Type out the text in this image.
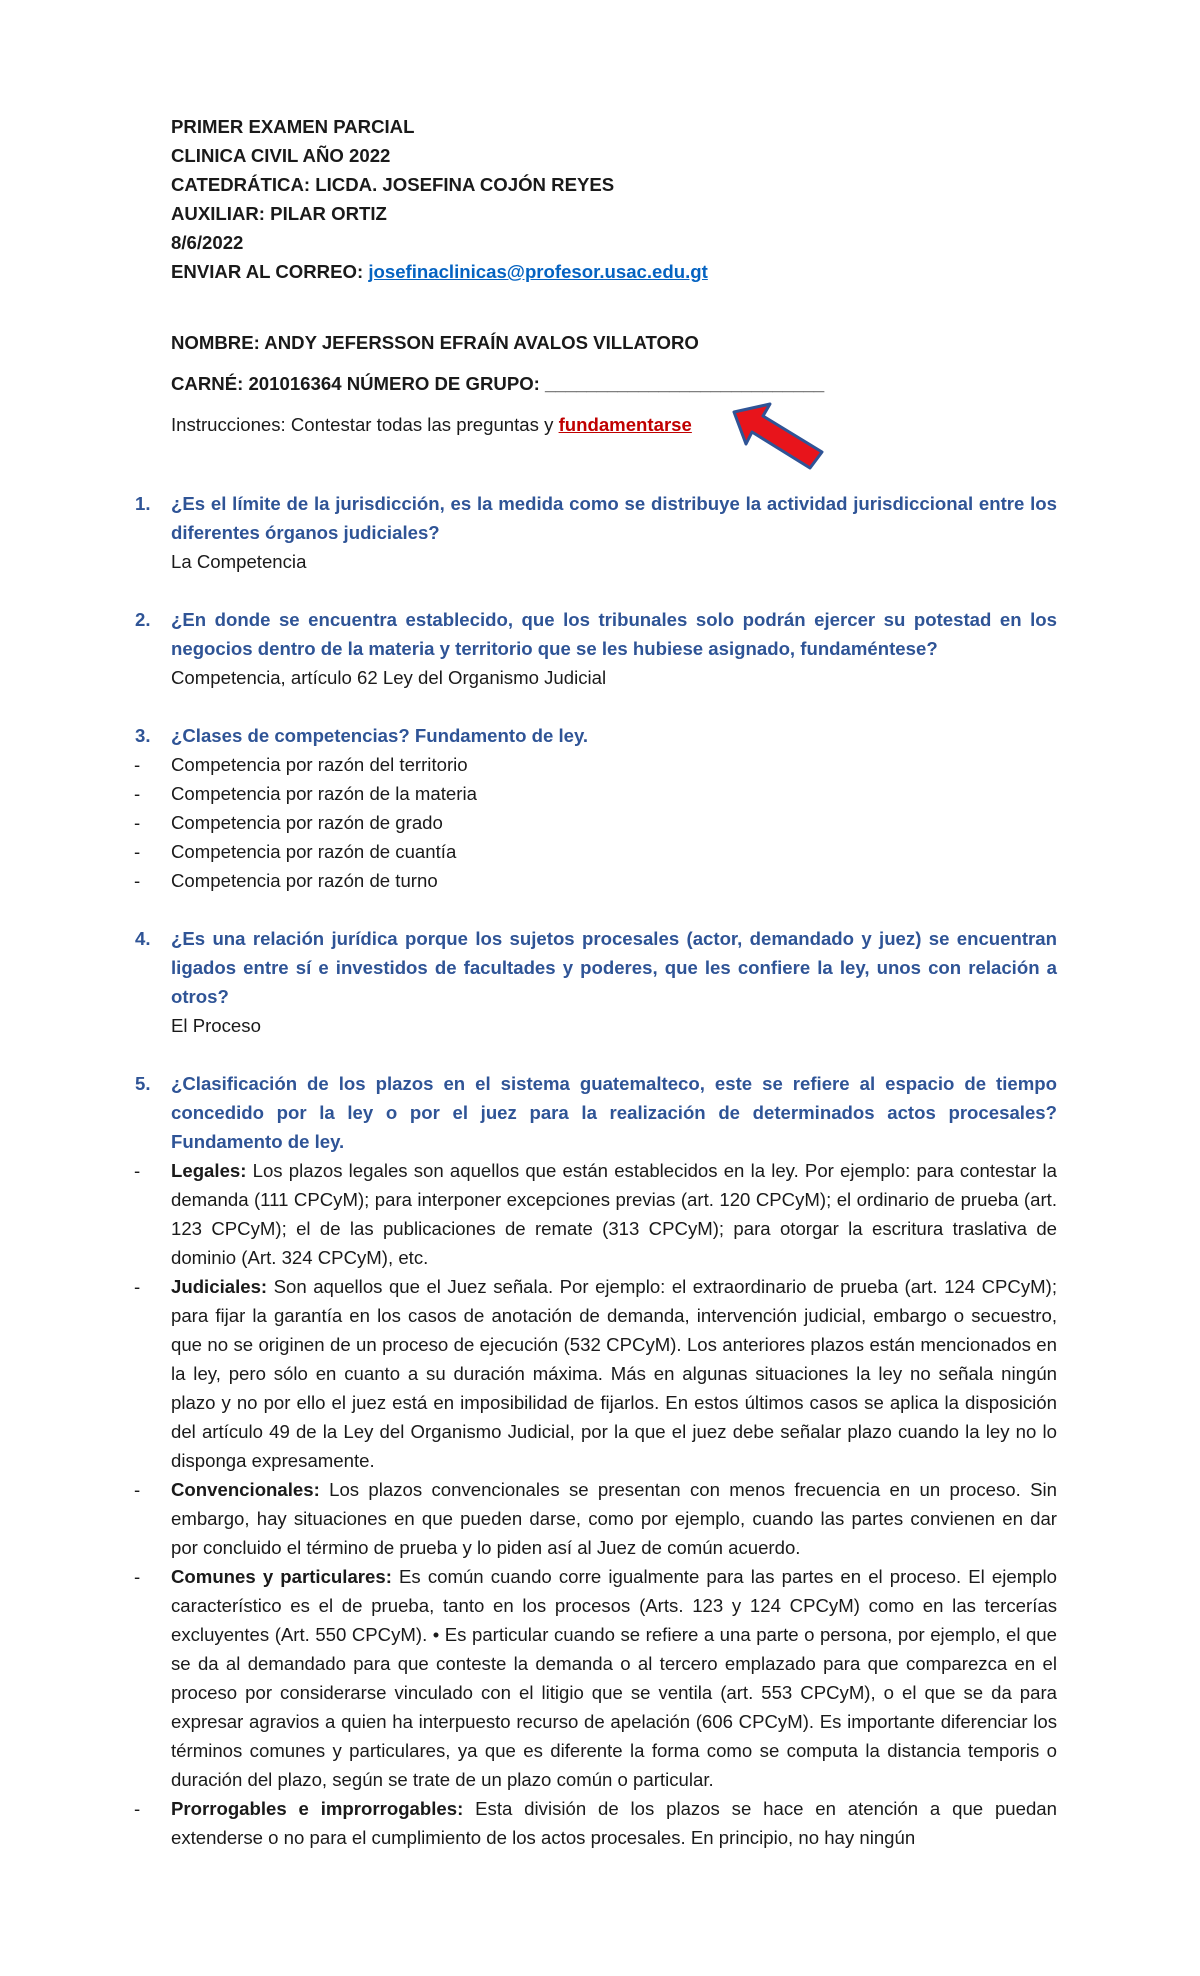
PRIMER EXAMEN PARCIAL

CLINICA CIVIL AÑO 2022

CATEDRÁTICA: LICDA. JOSEFINA COJÓN REYES

AUXILIAR: PILAR ORTIZ

8/6/2022

ENVIAR AL CORREO: josefinaclinicas@profesor.usac.edu.gt

NOMBRE: ANDY JEFERSSON EFRAÍN AVALOS VILLATORO

CARNÉ: 201016364 NÚMERO DE GRUPO: ___________________________

Instrucciones: Contestar todas las preguntas y fundamentarse

1. ¿Es el límite de la jurisdicción, es la medida como se distribuye la actividad jurisdiccional entre los diferentes órganos judiciales?

La Competencia

2. ¿En donde se encuentra establecido, que los tribunales solo podrán ejercer su potestad en los negocios dentro de la materia y territorio que se les hubiese asignado, fundaméntese?

Competencia, artículo 62 Ley del Organismo Judicial

3. ¿Clases de competencias? Fundamento de ley.

- Competencia por razón del territorio

- Competencia por razón de la materia

- Competencia por razón de grado

- Competencia por razón de cuantía

- Competencia por razón de turno

4. ¿Es una relación jurídica porque los sujetos procesales (actor, demandado y juez) se encuentran ligados entre sí e investidos de facultades y poderes, que les confiere la ley, unos con relación a otros?

El Proceso

5. ¿Clasificación de los plazos en el sistema guatemalteco, este se refiere al espacio de tiempo concedido por la ley o por el juez para la realización de determinados actos procesales? Fundamento de ley.

- Legales: Los plazos legales son aquellos que están establecidos en la ley. Por ejemplo: para contestar la demanda (111 CPCyM); para interponer excepciones previas (art. 120 CPCyM); el ordinario de prueba (art. 123 CPCyM); el de las publicaciones de remate (313 CPCyM); para otorgar la escritura traslativa de dominio (Art. 324 CPCyM), etc.

- Judiciales: Son aquellos que el Juez señala. Por ejemplo: el extraordinario de prueba (art. 124 CPCyM); para fijar la garantía en los casos de anotación de demanda, intervención judicial, embargo o secuestro, que no se originen de un proceso de ejecución (532 CPCyM). Los anteriores plazos están mencionados en la ley, pero sólo en cuanto a su duración máxima. Más en algunas situaciones la ley no señala ningún plazo y no por ello el juez está en imposibilidad de fijarlos. En estos últimos casos se aplica la disposición del artículo 49 de la Ley del Organismo Judicial, por la que el juez debe señalar plazo cuando la ley no lo disponga expresamente.

- Convencionales: Los plazos convencionales se presentan con menos frecuencia en un proceso. Sin embargo, hay situaciones en que pueden darse, como por ejemplo, cuando las partes convienen en dar por concluido el término de prueba y lo piden así al Juez de común acuerdo.

- Comunes y particulares: Es común cuando corre igualmente para las partes en el proceso. El ejemplo característico es el de prueba, tanto en los procesos (Arts. 123 y 124 CPCyM) como en las tercerías excluyentes (Art. 550 CPCyM). • Es particular cuando se refiere a una parte o persona, por ejemplo, el que se da al demandado para que conteste la demanda o al tercero emplazado para que comparezca en el proceso por considerarse vinculado con el litigio que se ventila (art. 553 CPCyM), o el que se da para expresar agravios a quien ha interpuesto recurso de apelación (606 CPCyM). Es importante diferenciar los términos comunes y particulares, ya que es diferente la forma como se computa la distancia temporis o duración del plazo, según se trate de un plazo común o particular.

- Prorrogables e improrrogables: Esta división de los plazos se hace en atención a que puedan extenderse o no para el cumplimiento de los actos procesales. En principio, no hay ningún
